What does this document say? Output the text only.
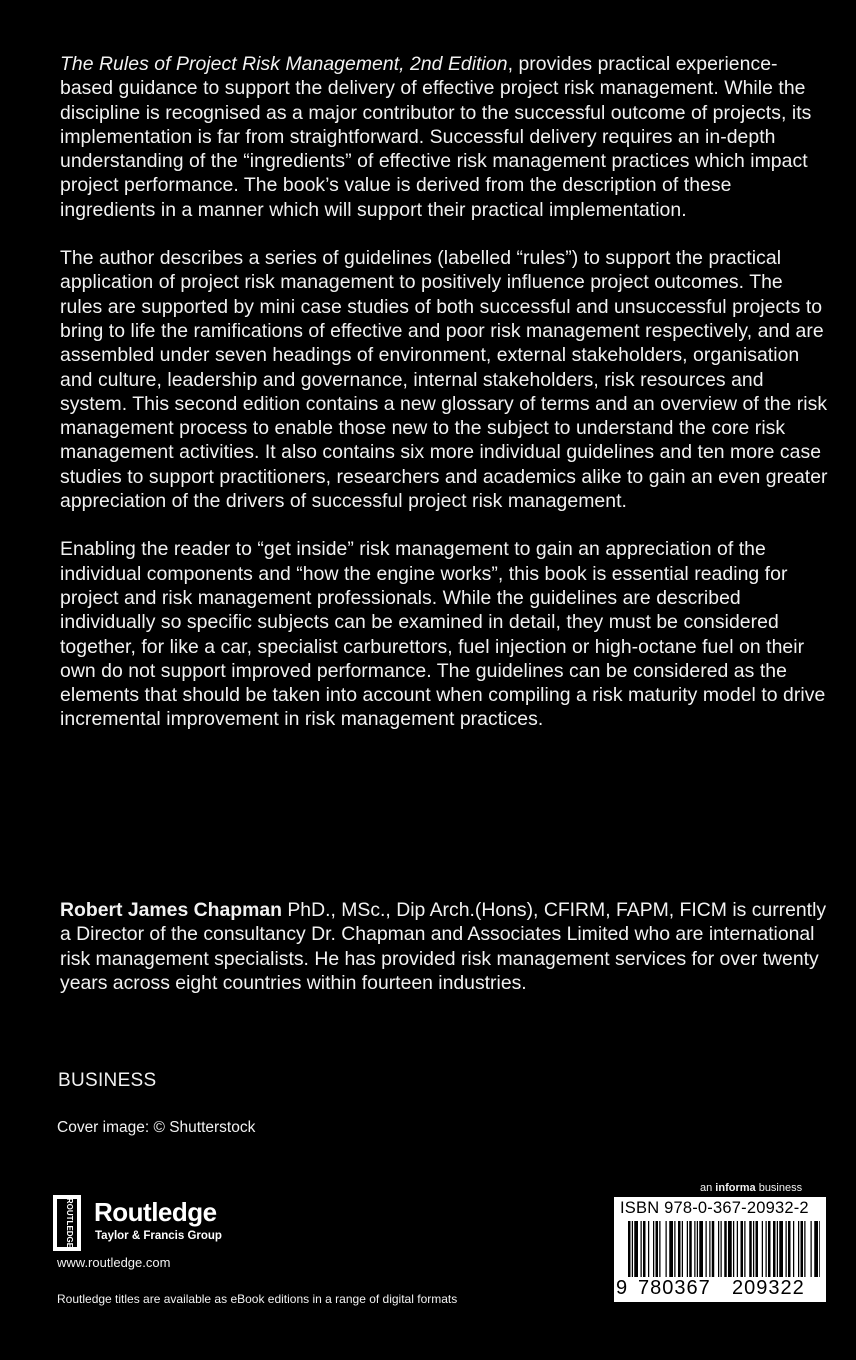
The Rules of Project Risk Management, 2nd Edition, provides practical experience-based guidance to support the delivery of effective project risk management. While the discipline is recognised as a major contributor to the successful outcome of projects, its implementation is far from straightforward. Successful delivery requires an in-depth understanding of the “ingredients” of effective risk management practices which impact project performance. The book’s value is derived from the description of these ingredients in a manner which will support their practical implementation.

The author describes a series of guidelines (labelled “rules”) to support the practical application of project risk management to positively influence project outcomes. The rules are supported by mini case studies of both successful and unsuccessful projects to bring to life the ramifications of effective and poor risk management respectively, and are assembled under seven headings of environment, external stakeholders, organisation and culture, leadership and governance, internal stakeholders, risk resources and system. This second edition contains a new glossary of terms and an overview of the risk management process to enable those new to the subject to understand the core risk management activities. It also contains six more individual guidelines and ten more case studies to support practitioners, researchers and academics alike to gain an even greater appreciation of the drivers of successful project risk management.

Enabling the reader to “get inside” risk management to gain an appreciation of the individual components and “how the engine works”, this book is essential reading for project and risk management professionals. While the guidelines are described individually so specific subjects can be examined in detail, they must be considered together, for like a car, specialist carburettors, fuel injection or high-octane fuel on their own do not support improved performance. The guidelines can be considered as the elements that should be taken into account when compiling a risk maturity model to drive incremental improvement in risk management practices.

Robert James Chapman PhD., MSc., Dip Arch.(Hons), CFIRM, FAPM, FICM is currently a Director of the consultancy Dr. Chapman and Associates Limited who are international risk management specialists. He has provided risk management services for over twenty years across eight countries within fourteen industries.

BUSINESS
Cover image: © Shutterstock
ROUTLEDGE Routledge
Taylor & Francis Group
www.routledge.com
Routledge titles are available as eBook editions in a range of digital formats
an informa business
ISBN 978-0-367-20932-2
9 780367 209322
